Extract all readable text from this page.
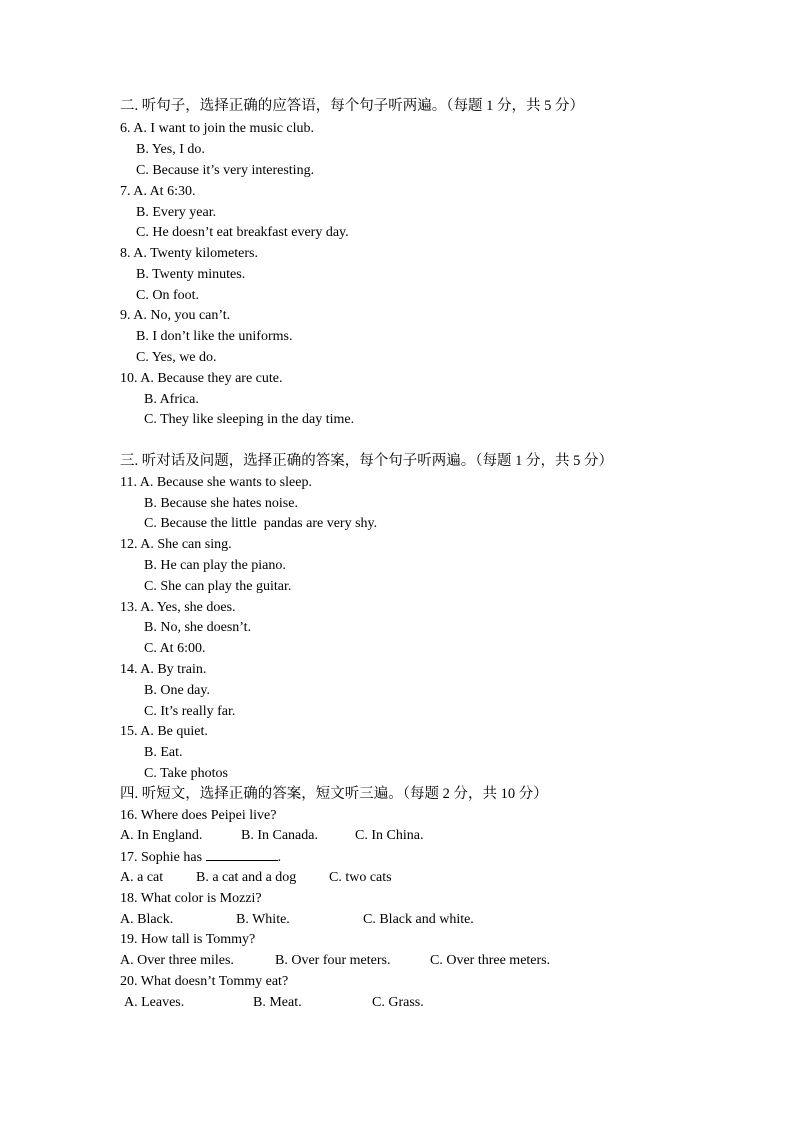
二. 听句子，选择正确的应答语，每个句子听两遍。（每题 1 分，共 5 分）
6. A. I want to join the music club.
B. Yes, I do.
C. Because it’s very interesting.
7. A. At 6:30.
B. Every year.
C. He doesn’t eat breakfast every day.
8. A. Twenty kilometers.
B. Twenty minutes.
C. On foot.
9. A. No, you can’t.
B. I don’t like the uniforms.
C. Yes, we do.
10. A. Because they are cute.
B. Africa.
C. They like sleeping in the day time.
三. 听对话及问题，选择正确的答案，每个句子听两遍。（每题 1 分，共 5 分）
11. A. Because she wants to sleep.
B. Because she hates noise.
C. Because the little  pandas are very shy.
12. A. She can sing.
B. He can play the piano.
C. She can play the guitar.
13. A. Yes, she does.
B. No, she doesn’t.
C. At 6:00.
14. A. By train.
B. One day.
C. It’s really far.
15. A. Be quiet.
B. Eat.
C. Take photos
四. 听短文，选择正确的答案，短文听三遍。（每题 2 分，共 10 分）
16. Where does Peipei live?
A. In England.	B. In Canada.	C. In China.
17. Sophie has	.
A. a cat B. a cat and a dog C. two cats
18. What color is Mozzi?
A. Black.	B. White.	C. Black and white.
19. How tall is Tommy?
A. Over three miles.	B. Over four meters.	C. Over three meters.
20. What doesn’t Tommy eat?
A. Leaves.	B. Meat.	C. Grass.
